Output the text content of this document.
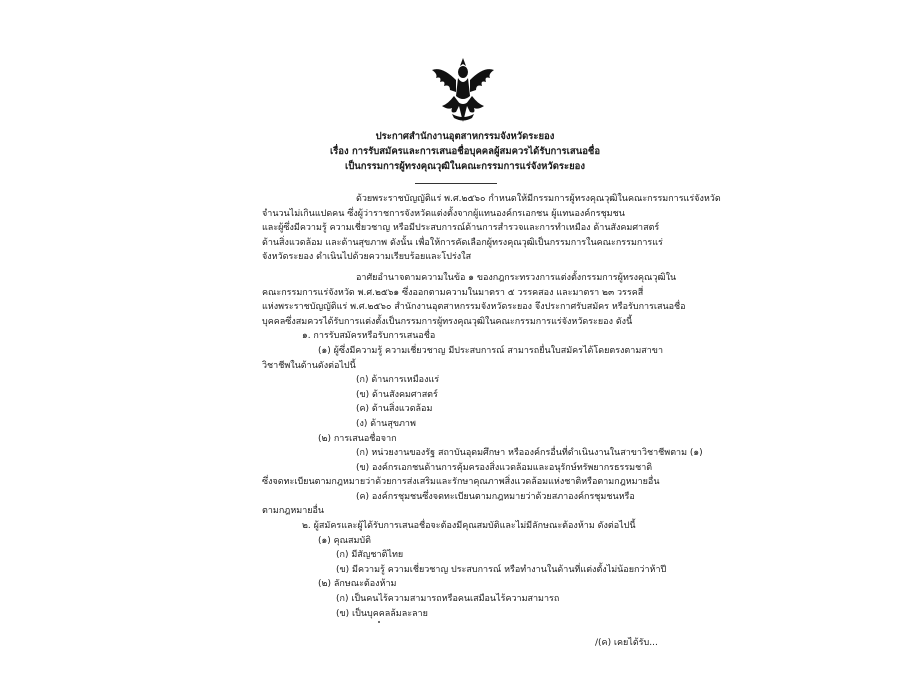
ประกาศสำนักงานอุตสาหกรรมจังหวัดระยอง
เรื่อง การรับสมัครและการเสนอชื่อบุคคลผู้สมควรได้รับการเสนอชื่อ
เป็นกรรมการผู้ทรงคุณวุฒิในคณะกรรมการแร่จังหวัดระยอง
ด้วยพระราชบัญญัติแร่ พ.ศ.๒๕๖๐ กำหนดให้มีกรรมการผู้ทรงคุณวุฒิในคณะกรรมการแร่จังหวัด
จำนวนไม่เกินแปดคน ซึ่งผู้ว่าราชการจังหวัดแต่งตั้งจากผู้แทนองค์กรเอกชน ผู้แทนองค์กรชุมชน
และผู้ซึ่งมีความรู้ ความเชี่ยวชาญ หรือมีประสบการณ์ด้านการสำรวจและการทำเหมือง ด้านสังคมศาสตร์
ด้านสิ่งแวดล้อม และด้านสุขภาพ ดังนั้น เพื่อให้การคัดเลือกผู้ทรงคุณวุฒิเป็นกรรมการในคณะกรรมการแร่
จังหวัดระยอง ดำเนินไปด้วยความเรียบร้อยและโปร่งใส
อาศัยอำนาจตามความในข้อ ๑ ของกฎกระทรวงการแต่งตั้งกรรมการผู้ทรงคุณวุฒิใน
คณะกรรมการแร่จังหวัด พ.ศ.๒๕๖๑ ซึ่งออกตามความในมาตรา ๕ วรรคสอง และมาตรา ๒๓ วรรคสี่
แห่งพระราชบัญญัติแร่ พ.ศ.๒๕๖๐ สำนักงานอุตสาหกรรมจังหวัดระยอง จึงประกาศรับสมัคร หรือรับการเสนอชื่อ
บุคคลซึ่งสมควรได้รับการแต่งตั้งเป็นกรรมการผู้ทรงคุณวุฒิในคณะกรรมการแร่จังหวัดระยอง ดังนี้
๑. การรับสมัครหรือรับการเสนอชื่อ
(๑) ผู้ซึ่งมีความรู้ ความเชี่ยวชาญ มีประสบการณ์ สามารถยื่นใบสมัครได้โดยตรงตามสาขา
วิชาชีพในด้านดังต่อไปนี้
(ก) ด้านการเหมืองแร่
(ข) ด้านสังคมศาสตร์
(ค) ด้านสิ่งแวดล้อม
(ง) ด้านสุขภาพ
(๒) การเสนอชื่อจาก
(ก) หน่วยงานของรัฐ สถาบันอุดมศึกษา หรือองค์กรอื่นที่ดำเนินงานในสาขาวิชาชีพตาม (๑)
(ข) องค์กรเอกชนด้านการคุ้มครองสิ่งแวดล้อมและอนุรักษ์ทรัพยากรธรรมชาติ
ซึ่งจดทะเบียนตามกฎหมายว่าด้วยการส่งเสริมและรักษาคุณภาพสิ่งแวดล้อมแห่งชาติหรือตามกฎหมายอื่น
(ค) องค์กรชุมชนซึ่งจดทะเบียนตามกฎหมายว่าด้วยสภาองค์กรชุมชนหรือ
ตามกฎหมายอื่น
๒. ผู้สมัครและผู้ได้รับการเสนอชื่อจะต้องมีคุณสมบัติและไม่มีลักษณะต้องห้าม ดังต่อไปนี้
(๑) คุณสมบัติ
(ก) มีสัญชาติไทย
(ข) มีความรู้ ความเชี่ยวชาญ ประสบการณ์ หรือทำงานในด้านที่แต่งตั้งไม่น้อยกว่าห้าปี
(๒) ลักษณะต้องห้าม
(ก) เป็นคนไร้ความสามารถหรือคนเสมือนไร้ความสามารถ
(ข) เป็นบุคคลล้มละลาย
/(ค) เคยได้รับ...
